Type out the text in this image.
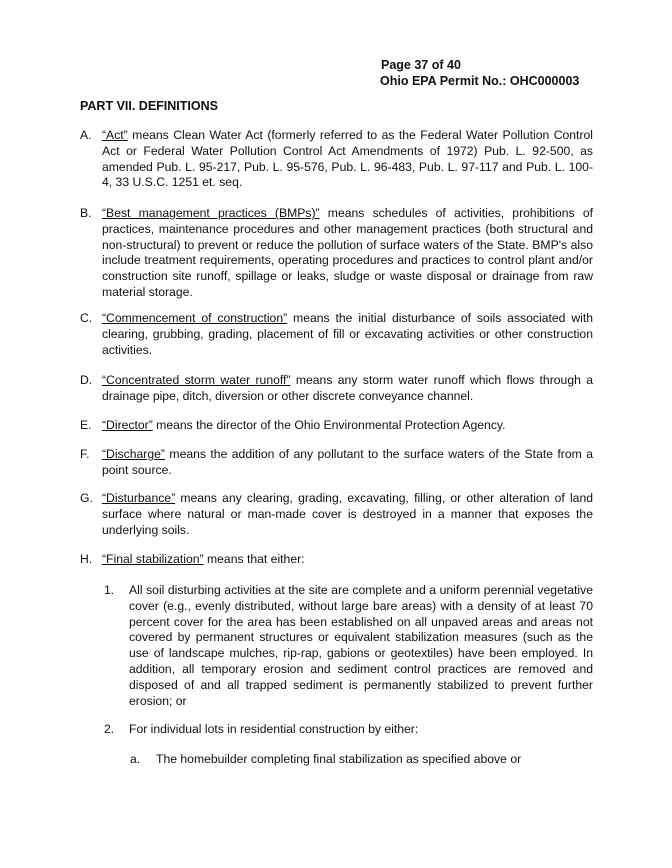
Page 37 of 40
Ohio EPA Permit No.: OHC000003
PART VII. DEFINITIONS
A. “Act” means Clean Water Act (formerly referred to as the Federal Water Pollution Control Act or Federal Water Pollution Control Act Amendments of 1972) Pub. L. 92-500, as amended Pub. L. 95-217, Pub. L. 95-576, Pub. L. 96-483, Pub. L. 97-117 and Pub. L. 100-4, 33 U.S.C. 1251 et. seq.
B. “Best management practices (BMPs)” means schedules of activities, prohibitions of practices, maintenance procedures and other management practices (both structural and non-structural) to prevent or reduce the pollution of surface waters of the State. BMP's also include treatment requirements, operating procedures and practices to control plant and/or construction site runoff, spillage or leaks, sludge or waste disposal or drainage from raw material storage.
C. “Commencement of construction” means the initial disturbance of soils associated with clearing, grubbing, grading, placement of fill or excavating activities or other construction activities.
D. “Concentrated storm water runoff” means any storm water runoff which flows through a drainage pipe, ditch, diversion or other discrete conveyance channel.
E. “Director” means the director of the Ohio Environmental Protection Agency.
F. “Discharge” means the addition of any pollutant to the surface waters of the State from a point source.
G. “Disturbance” means any clearing, grading, excavating, filling, or other alteration of land surface where natural or man-made cover is destroyed in a manner that exposes the underlying soils.
H. “Final stabilization” means that either:
1. All soil disturbing activities at the site are complete and a uniform perennial vegetative cover (e.g., evenly distributed, without large bare areas) with a density of at least 70 percent cover for the area has been established on all unpaved areas and areas not covered by permanent structures or equivalent stabilization measures (such as the use of landscape mulches, rip-rap, gabions or geotextiles) have been employed. In addition, all temporary erosion and sediment control practices are removed and disposed of and all trapped sediment is permanently stabilized to prevent further erosion; or
2. For individual lots in residential construction by either:
a. The homebuilder completing final stabilization as specified above or
